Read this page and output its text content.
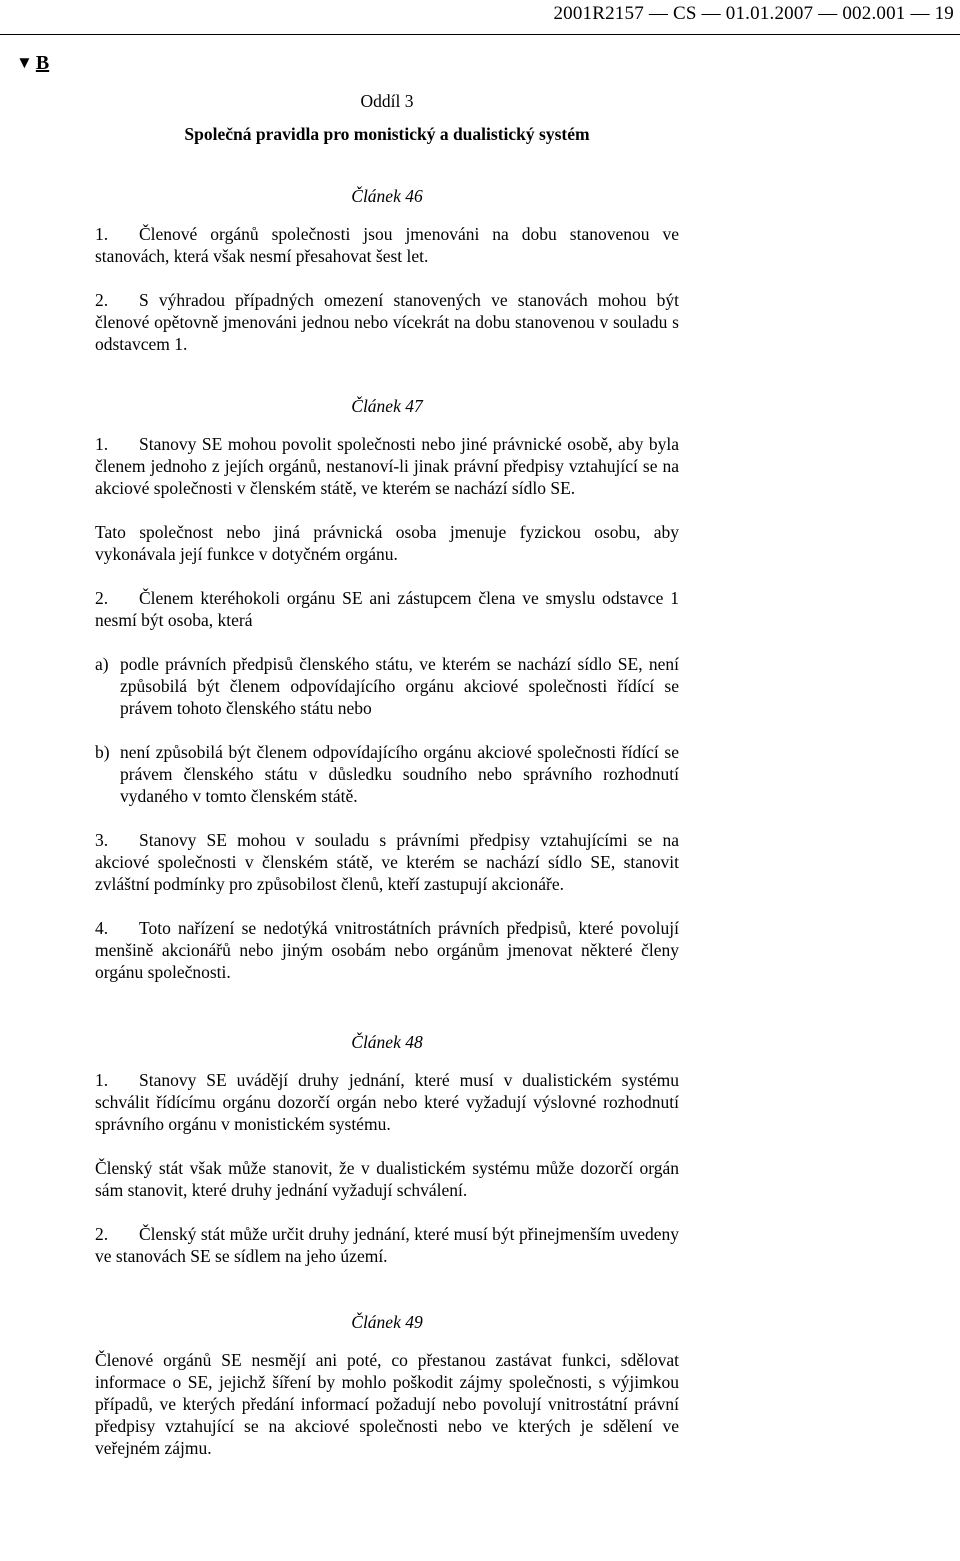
2001R2157 — CS — 01.01.2007 — 002.001 — 19
▼ B

Oddíl 3

Společná pravidla pro monistický a dualistický systém

Článek 46

1. Členové orgánů společnosti jsou jmenováni na dobu stanovenou ve stanovách, která však nesmí přesahovat šest let.

2. S výhradou případných omezení stanovených ve stanovách mohou být členové opětovně jmenováni jednou nebo vícekrát na dobu stanovenou v souladu s odstavcem 1.

Článek 47

1. Stanovy SE mohou povolit společnosti nebo jiné právnické osobě, aby byla členem jednoho z jejích orgánů, nestanoví-li jinak právní předpisy vztahující se na akciové společnosti v členském státě, ve kterém se nachází sídlo SE.

Tato společnost nebo jiná právnická osoba jmenuje fyzickou osobu, aby vykonávala její funkce v dotyčném orgánu.

2. Členem kteréhokoli orgánu SE ani zástupcem člena ve smyslu odstavce 1 nesmí být osoba, která

a) podle právních předpisů členského státu, ve kterém se nachází sídlo SE, není způsobilá být členem odpovídajícího orgánu akciové společnosti řídící se právem tohoto členského státu nebo

b) není způsobilá být členem odpovídajícího orgánu akciové společnosti řídící se právem členského státu v důsledku soudního nebo správního rozhodnutí vydaného v tomto členském státě.

3. Stanovy SE mohou v souladu s právními předpisy vztahujícími se na akciové společnosti v členském státě, ve kterém se nachází sídlo SE, stanovit zvláštní podmínky pro způsobilost členů, kteří zastupují akcionáře.

4. Toto nařízení se nedotýká vnitrostátních právních předpisů, které povolují menšině akcionářů nebo jiným osobám nebo orgánům jmenovat některé členy orgánu společnosti.

Článek 48

1. Stanovy SE uvádějí druhy jednání, které musí v dualistickém systému schválit řídícímu orgánu dozorčí orgán nebo které vyžadují výslovné rozhodnutí správního orgánu v monistickém systému.

Členský stát však může stanovit, že v dualistickém systému může dozorčí orgán sám stanovit, které druhy jednání vyžadují schválení.

2. Členský stát může určit druhy jednání, které musí být přinejmenším uvedeny ve stanovách SE se sídlem na jeho území.

Článek 49

Členové orgánů SE nesmějí ani poté, co přestanou zastávat funkci, sdělovat informace o SE, jejichž šíření by mohlo poškodit zájmy společnosti, s výjimkou případů, ve kterých předání informací požadují nebo povolují vnitrostátní právní předpisy vztahující se na akciové společnosti nebo ve kterých je sdělení ve veřejném zájmu.
